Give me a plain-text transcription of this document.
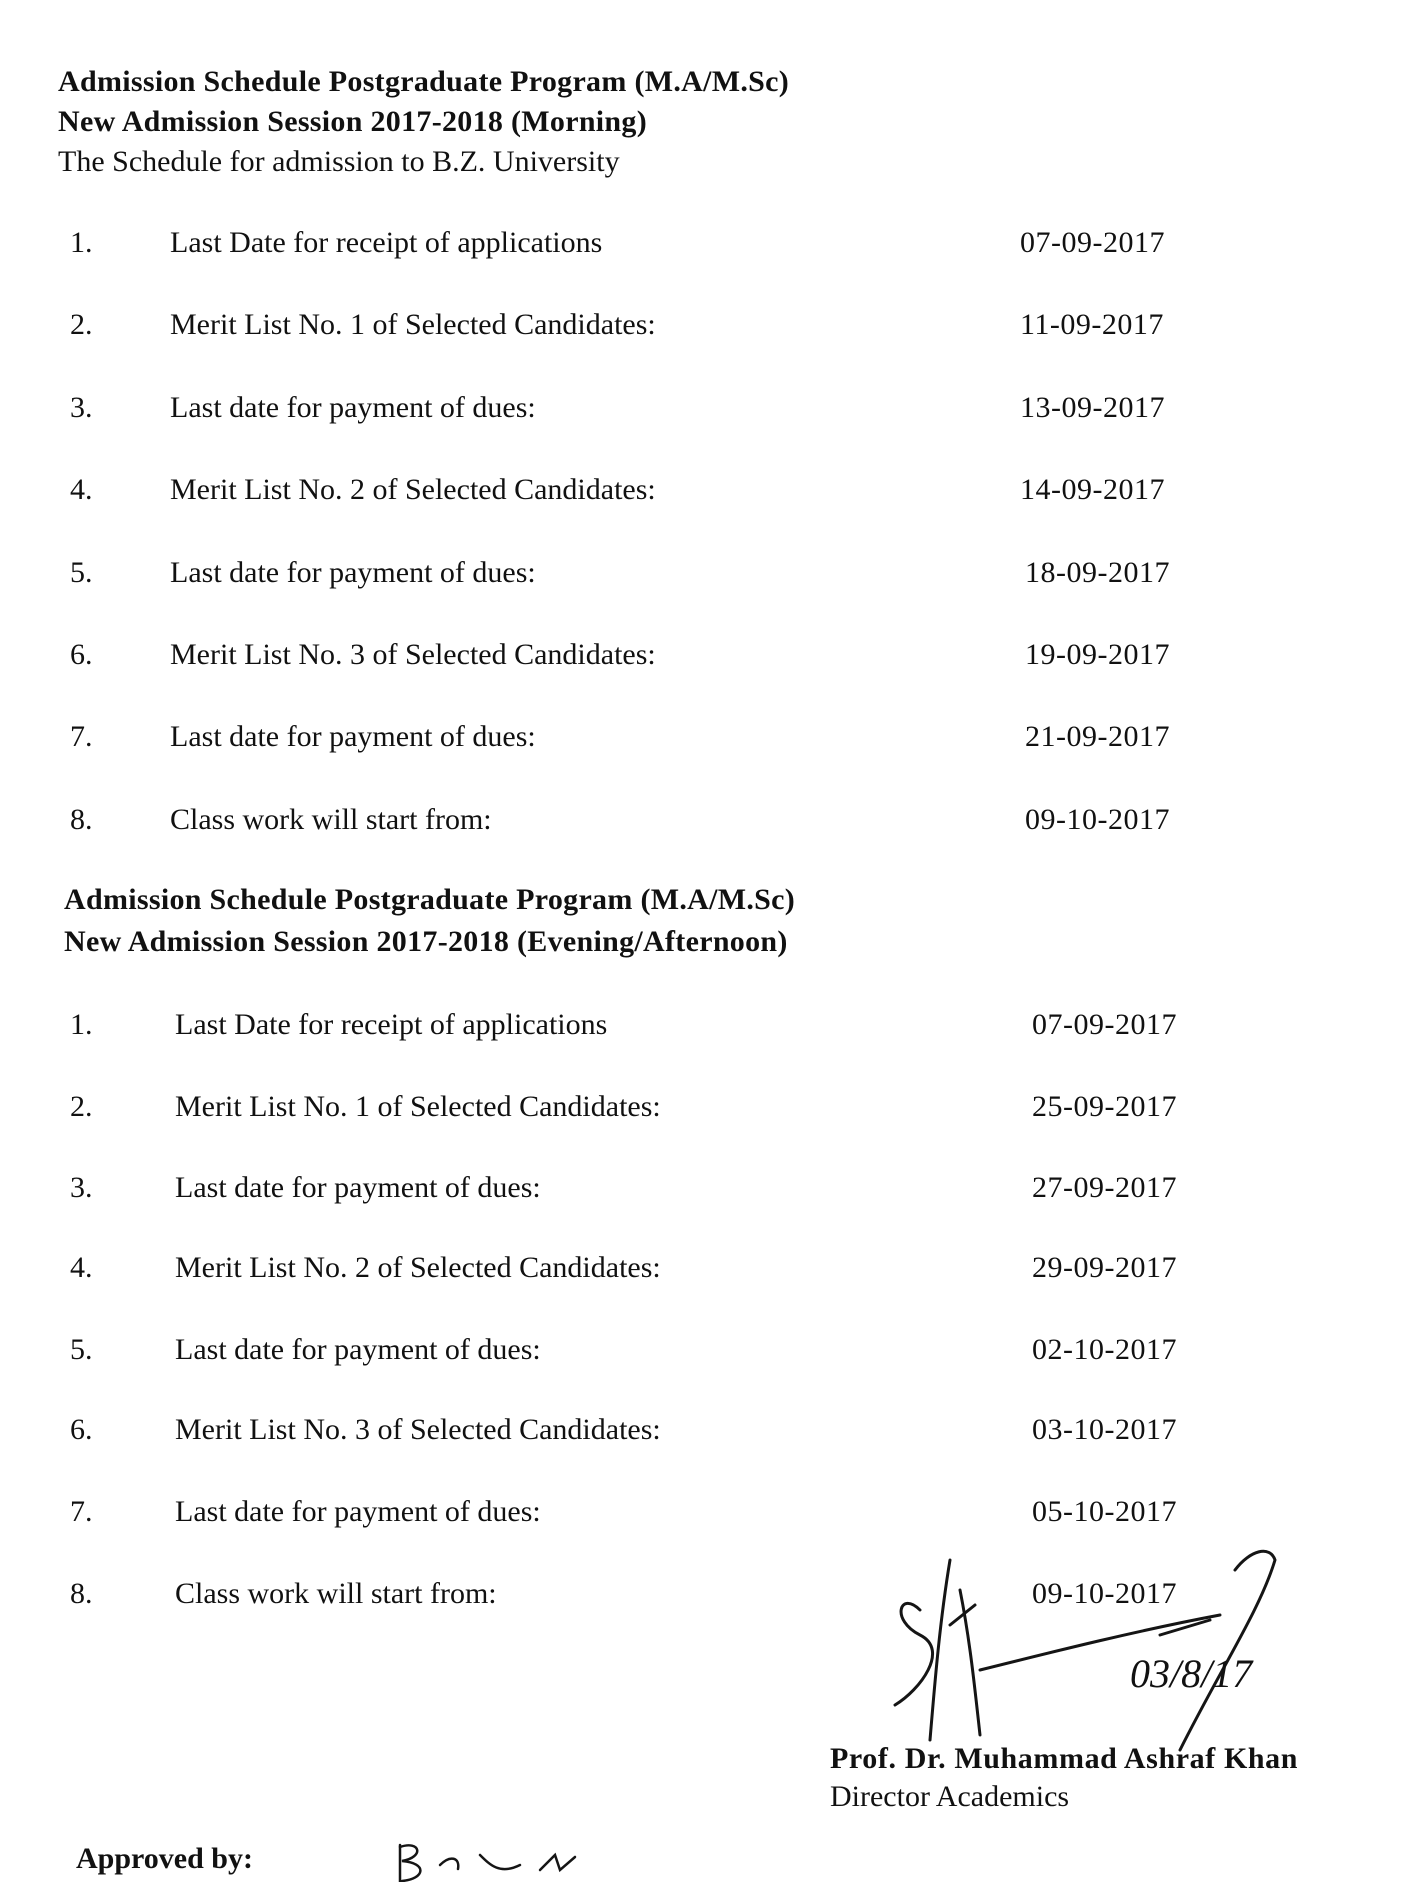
Admission Schedule Postgraduate Program (M.A/M.Sc)
New Admission Session 2017-2018 (Morning)
The Schedule for admission to B.Z. University
1.	Last Date for receipt of applications	07-09-2017
2.	Merit List No. 1 of Selected Candidates:	11-09-2017
3.	Last date for payment of dues:	13-09-2017
4.	Merit List No. 2 of Selected Candidates:	14-09-2017
5.	Last date for payment of dues:	18-09-2017
6.	Merit List No. 3 of Selected Candidates:	19-09-2017
7.	Last date for payment of dues:	21-09-2017
8.	Class work will start from:	09-10-2017
Admission Schedule Postgraduate Program (M.A/M.Sc)
New Admission Session 2017-2018 (Evening/Afternoon)
1.	Last Date for receipt of applications	07-09-2017
2.	Merit List No. 1 of Selected Candidates:	25-09-2017
3.	Last date for payment of dues:	27-09-2017
4.	Merit List No. 2 of Selected Candidates:	29-09-2017
5.	Last date for payment of dues:	02-10-2017
6.	Merit List No. 3 of Selected Candidates:	03-10-2017
7.	Last date for payment of dues:	05-10-2017
8.	Class work will start from:	09-10-2017
03/8/17
Prof. Dr. Muhammad Ashraf Khan
Director Academics
Approved by:
